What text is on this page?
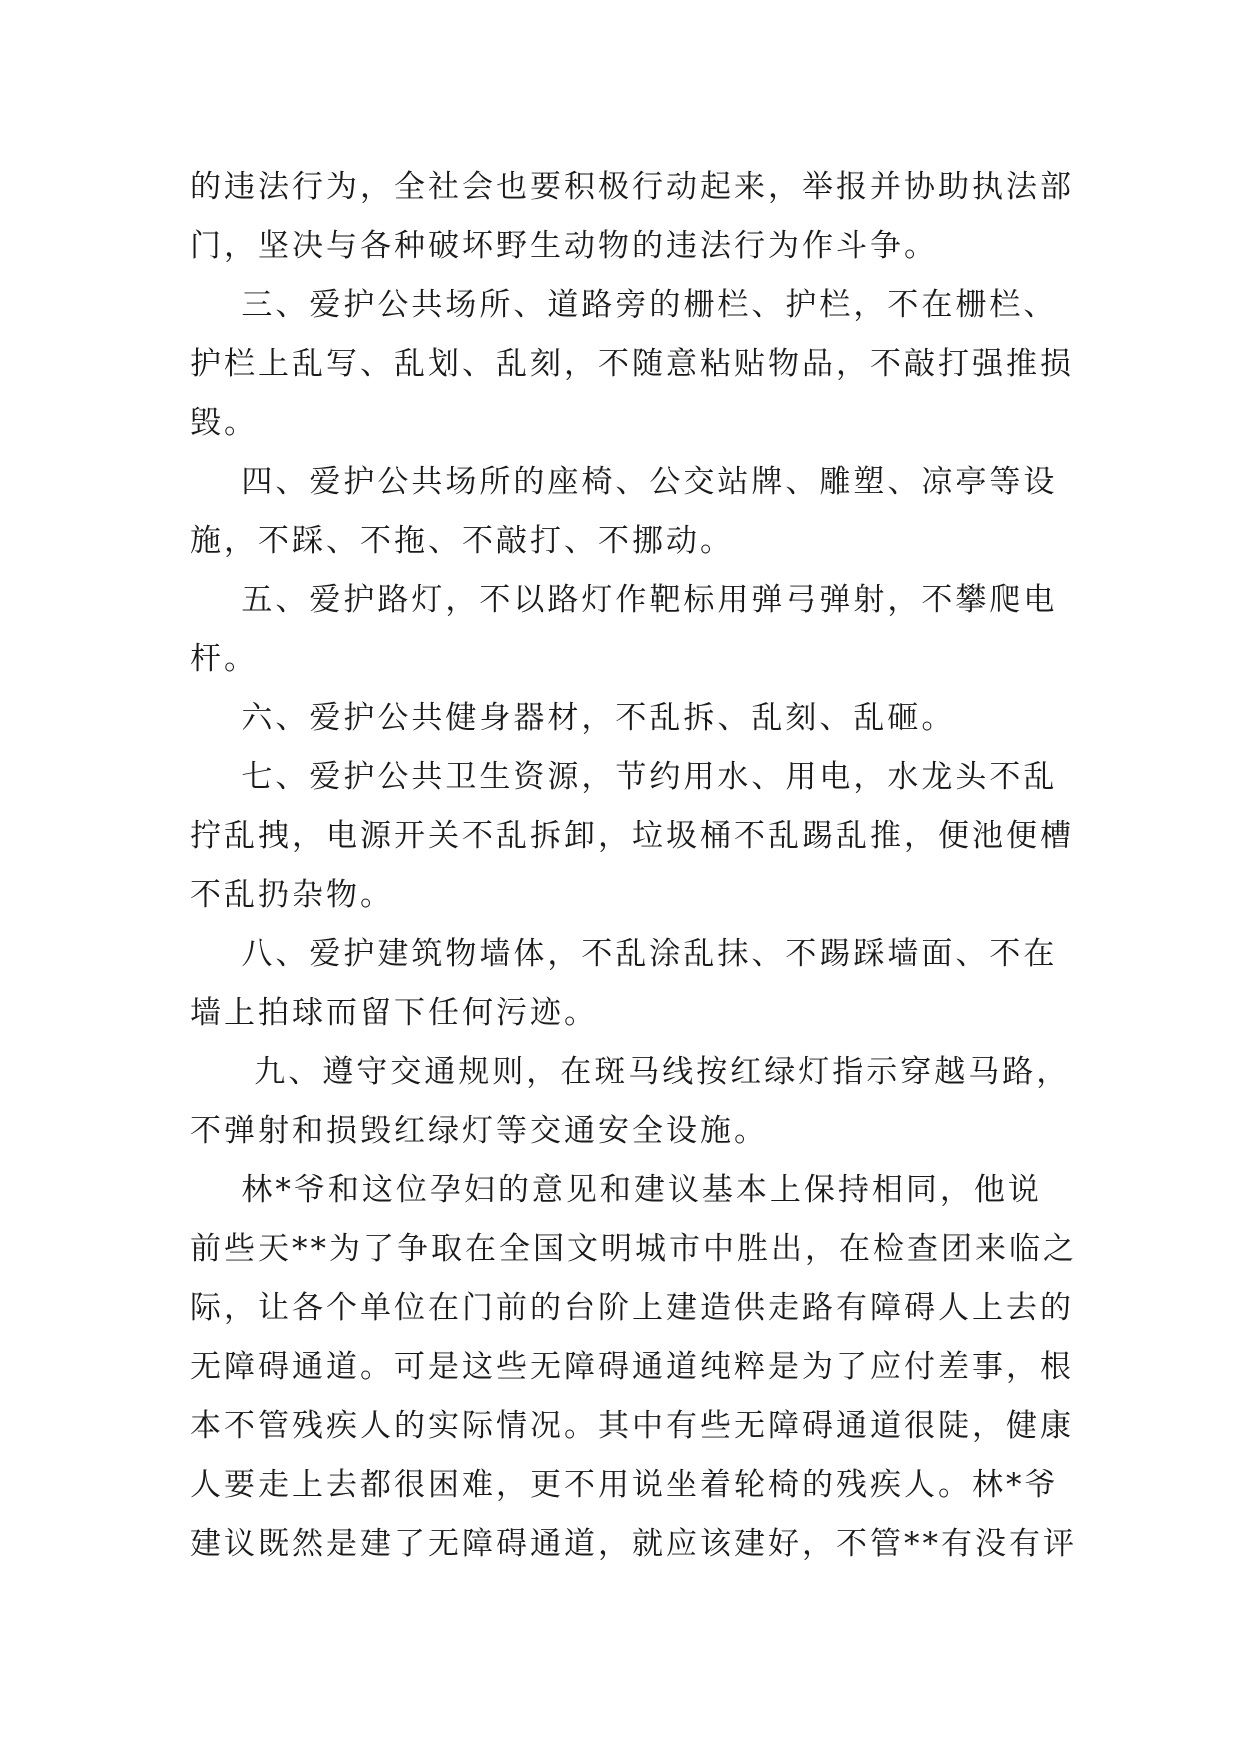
的违法行为，全社会也要积极行动起来，举报并协助执法部
门，坚决与各种破坏野生动物的违法行为作斗争。
三、爱护公共场所、道路旁的栅栏、护栏，不在栅栏、
护栏上乱写、乱划、乱刻，不随意粘贴物品，不敲打强推损
毁。
四、爱护公共场所的座椅、公交站牌、雕塑、凉亭等设
施，不踩、不拖、不敲打、不挪动。
五、爱护路灯，不以路灯作靶标用弹弓弹射，不攀爬电
杆。
六、爱护公共健身器材，不乱拆、乱刻、乱砸。
七、爱护公共卫生资源，节约用水、用电，水龙头不乱
拧乱拽，电源开关不乱拆卸，垃圾桶不乱踢乱推，便池便槽
不乱扔杂物。
八、爱护建筑物墙体，不乱涂乱抹、不踢踩墙面、不在
墙上拍球而留下任何污迹。
九、遵守交通规则，在斑马线按红绿灯指示穿越马路，
不弹射和损毁红绿灯等交通安全设施。
林*爷和这位孕妇的意见和建议基本上保持相同，他说
前些天**为了争取在全国文明城市中胜出，在检查团来临之
际，让各个单位在门前的台阶上建造供走路有障碍人上去的
无障碍通道。可是这些无障碍通道纯粹是为了应付差事，根
本不管残疾人的实际情况。其中有些无障碍通道很陡，健康
人要走上去都很困难，更不用说坐着轮椅的残疾人。林*爷
建议既然是建了无障碍通道，就应该建好，不管**有没有评
